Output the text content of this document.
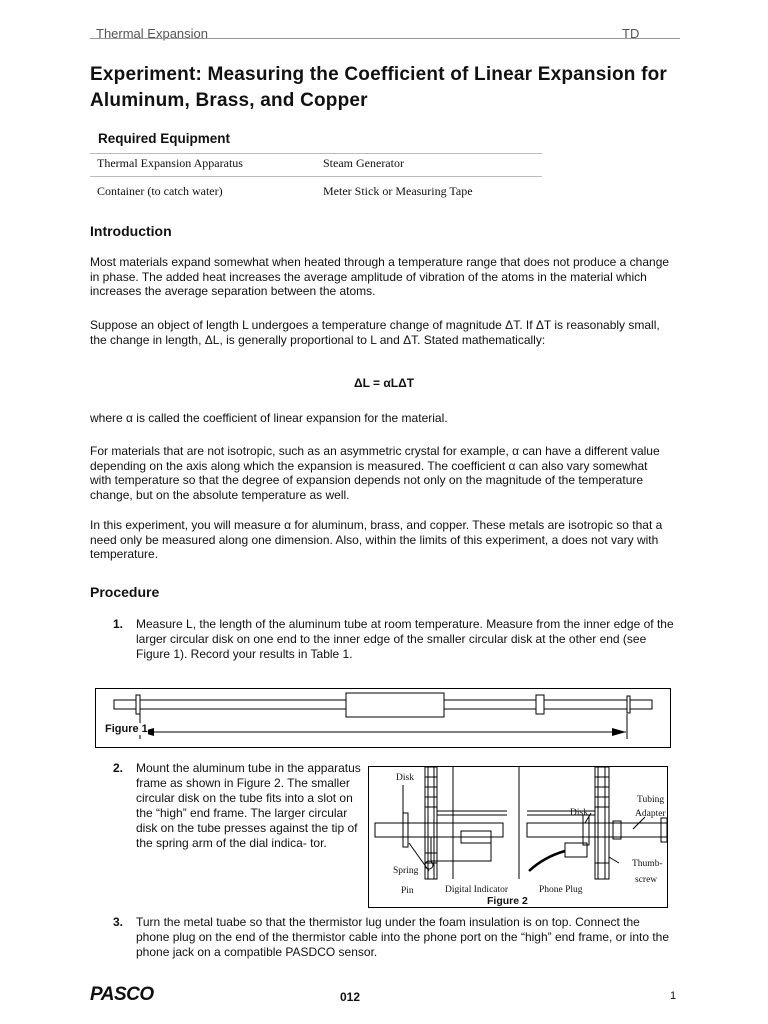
Thermal Expansion	TD
Experiment: Measuring the Coefficient of Linear Expansion for Aluminum, Brass, and Copper
Required Equipment
Thermal Expansion Apparatus	Steam Generator
Container (to catch water)	Meter Stick or Measuring Tape
Introduction
Most materials expand somewhat when heated through a temperature range that does not produce a change in phase. The added heat increases the average amplitude of vibration of the atoms in the material which increases the average separation between the atoms.
Suppose an object of length L undergoes a temperature change of magnitude ΔT. If ΔT is reasonably small, the change in length, ΔL, is generally proportional to L and ΔT. Stated mathematically:
ΔL = αLΔT
where α is called the coefficient of linear expansion for the material.
For materials that are not isotropic, such as an asymmetric crystal for example, α can have a different value depending on the axis along which the expansion is measured. The coefficient α can also vary somewhat with temperature so that the degree of expansion depends not only on the magnitude of the temperature change, but on the absolute temperature as well.
In this experiment, you will measure α for aluminum, brass, and copper. These metals are isotropic so that a need only be measured along one dimension. Also, within the limits of this experiment, a does not vary with temperature.
Procedure
1. Measure L, the length of the aluminum tube at room temperature. Measure from the inner edge of the larger circular disk on one end to the inner edge of the smaller circular disk at the other end (see Figure 1). Record your results in Table 1.
Figure 1
2. Mount the aluminum tube in the apparatus frame as shown in Figure 2. The smaller circular disk on the tube fits into a slot on the “high” end frame. The larger circular disk on the tube presses against the tip of the spring arm of the dial indica- tor.
Disk
Spring
Pin	Digital Indicator	Phone Plug
Disk
Tubing
Adapter
Thumb-
screw
Figure 2
3. Turn the metal tuabe so that the thermistor lug under the foam insulation is on top. Connect the phone plug on the end of the thermistor cable into the phone port on the “high” end frame, or into the phone jack on a compatible PASDCO sensor.
PASCO	012	1
